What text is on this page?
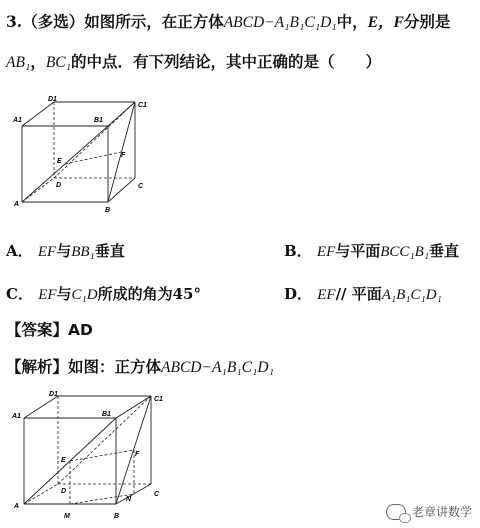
3.（多选）如图所示，在正方体ABCD−A₁B₁C₁D₁中，E，F分别是
AB₁，BC₁的中点．有下列结论，其中正确的是（　　）
D1
C1
A1	B1
E
F
D	C
A
B
A． EF与BB₁垂直	B． EF与平面BCC₁B₁垂直
C． EF与C₁D所成的角为45°	D． EF// 平面A₁B₁C₁D₁
【答案】AD
【解析】如图：正方体ABCD−A₁B₁C₁D₁
D1
C1
A1	B1
E
F
D	C
N
A
M	B	老章讲数学
